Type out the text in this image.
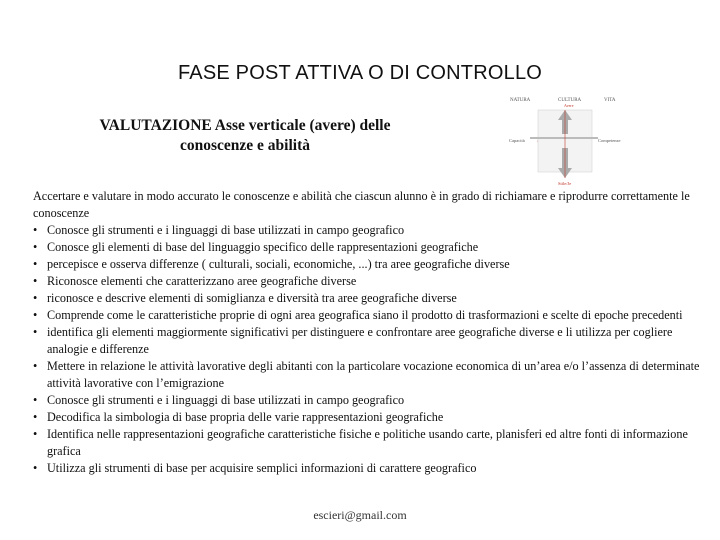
FASE POST ATTIVA O DI CONTROLLO
VALUTAZIONE Asse verticale (avere) delle
conoscenze e abilità
NATURA	CULTURA
Avere
VITA
Capacità	Competenze
Stile/Je
Accertare e valutare in modo accurato le conoscenze e abilità che ciascun alunno è in grado di richiamare e riprodurre correttamente le conoscenze
• Conosce gli strumenti e i linguaggi di base utilizzati in campo geografico
• Conosce gli elementi di base del linguaggio specifico delle rappresentazioni geografiche
• percepisce e osserva differenze ( culturali, sociali, economiche, ...) tra aree geografiche diverse
• Riconosce elementi che caratterizzano aree geografiche diverse
• riconosce e descrive elementi di somiglianza e diversità tra aree geografiche diverse
• Comprende come le caratteristiche proprie di ogni area geografica siano il prodotto di trasformazioni e scelte di epoche precedenti
• identifica gli elementi maggiormente significativi per distinguere e confrontare aree geografiche diverse e li utilizza per cogliere analogie e differenze
• Mettere in relazione le attività lavorative degli abitanti con la particolare vocazione economica di un’area e/o l’assenza di determinate attività lavorative con l’emigrazione
• Conosce gli strumenti e i linguaggi di base utilizzati in campo geografico
• Decodifica la simbologia di base propria delle varie rappresentazioni geografiche
• Identifica nelle rappresentazioni geografiche caratteristiche fisiche e politiche usando carte, planisferi ed altre fonti di informazione grafica
• Utilizza gli strumenti di base per acquisire semplici informazioni di carattere geografico
escieri@gmail.com
